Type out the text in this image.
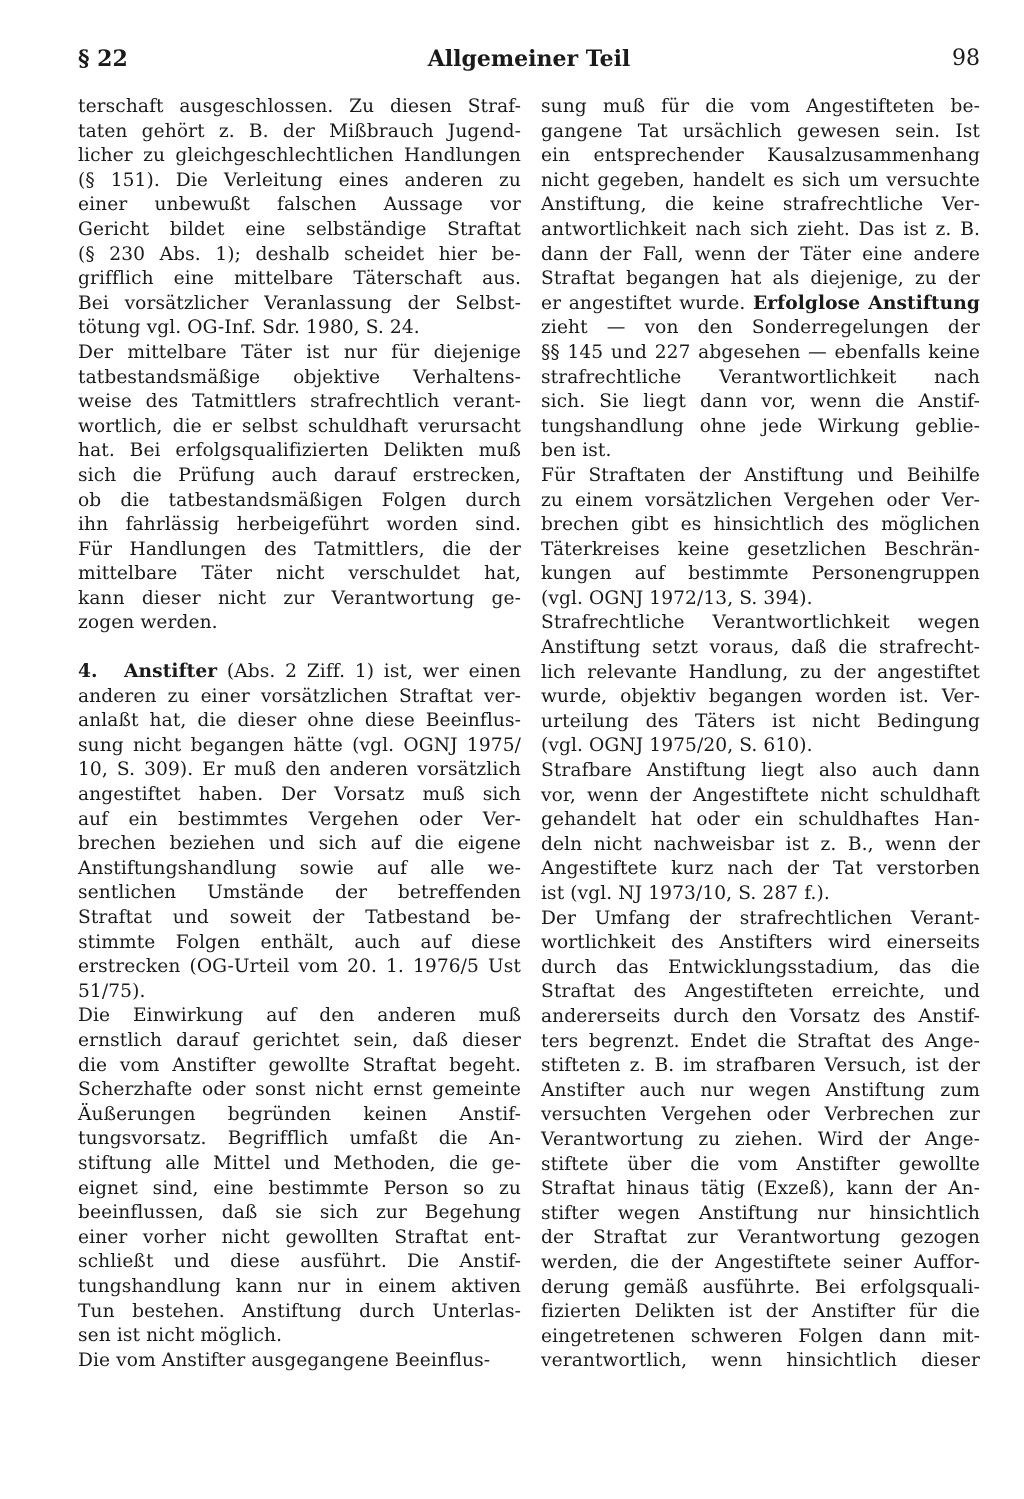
§ 22	Allgemeiner Teil	98
terschaft ausgeschlossen. Zu diesen Straf-
taten gehört z. B. der Mißbrauch Jugend-
licher zu gleichgeschlechtlichen Handlungen
(§ 151). Die Verleitung eines anderen zu
einer unbewußt falschen Aussage vor
Gericht bildet eine selbständige Straftat
(§ 230 Abs. 1); deshalb scheidet hier be-
grifflich eine mittelbare Täterschaft aus.
Bei vorsätzlicher Veranlassung der Selbst-
tötung vgl. OG-Inf. Sdr. 1980, S. 24.
Der mittelbare Täter ist nur für diejenige
tatbestandsmäßige objektive Verhaltens-
weise des Tatmittlers strafrechtlich verant-
wortlich, die er selbst schuldhaft verursacht
hat. Bei erfolgsqualifizierten Delikten muß
sich die Prüfung auch darauf erstrecken,
ob die tatbestandsmäßigen Folgen durch
ihn fahrlässig herbeigeführt worden sind.
Für Handlungen des Tatmittlers, die der
mittelbare Täter nicht verschuldet hat,
kann dieser nicht zur Verantwortung ge-
zogen werden.
4. Anstifter (Abs. 2 Ziff. 1) ist, wer einen
anderen zu einer vorsätzlichen Straftat ver-
anlaßt hat, die dieser ohne diese Beeinflus-
sung nicht begangen hätte (vgl. OGNJ 1975/
10, S. 309). Er muß den anderen vorsätzlich
angestiftet haben. Der Vorsatz muß sich
auf ein bestimmtes Vergehen oder Ver-
brechen beziehen und sich auf die eigene
Anstiftungshandlung sowie auf alle we-
sentlichen Umstände der betreffenden
Straftat und soweit der Tatbestand be-
stimmte Folgen enthält, auch auf diese
erstrecken (OG-Urteil vom 20. 1. 1976/5 Ust
51/75).
Die Einwirkung auf den anderen muß
ernstlich darauf gerichtet sein, daß dieser
die vom Anstifter gewollte Straftat begeht.
Scherzhafte oder sonst nicht ernst gemeinte
Äußerungen begründen keinen Anstif-
tungsvorsatz. Begrifflich umfaßt die An-
stiftung alle Mittel und Methoden, die ge-
eignet sind, eine bestimmte Person so zu
beeinflussen, daß sie sich zur Begehung
einer vorher nicht gewollten Straftat ent-
schließt und diese ausführt. Die Anstif-
tungshandlung kann nur in einem aktiven
Tun bestehen. Anstiftung durch Unterlas-
sen ist nicht möglich.
Die vom Anstifter ausgegangene Beeinflus-
sung muß für die vom Angestifteten be-
gangene Tat ursächlich gewesen sein. Ist
ein entsprechender Kausalzusammenhang
nicht gegeben, handelt es sich um versuchte
Anstiftung, die keine strafrechtliche Ver-
antwortlichkeit nach sich zieht. Das ist z. B.
dann der Fall, wenn der Täter eine andere
Straftat begangen hat als diejenige, zu der
er angestiftet wurde. Erfolglose Anstiftung
zieht — von den Sonderregelungen der
§§ 145 und 227 abgesehen — ebenfalls keine
strafrechtliche Verantwortlichkeit nach
sich. Sie liegt dann vor, wenn die Anstif-
tungshandlung ohne jede Wirkung geblie-
ben ist.
Für Straftaten der Anstiftung und Beihilfe
zu einem vorsätzlichen Vergehen oder Ver-
brechen gibt es hinsichtlich des möglichen
Täterkreises keine gesetzlichen Beschrän-
kungen auf bestimmte Personengruppen
(vgl. OGNJ 1972/13, S. 394).
Strafrechtliche Verantwortlichkeit wegen
Anstiftung setzt voraus, daß die strafrecht-
lich relevante Handlung, zu der angestiftet
wurde, objektiv begangen worden ist. Ver-
urteilung des Täters ist nicht Bedingung
(vgl. OGNJ 1975/20, S. 610).
Strafbare Anstiftung liegt also auch dann
vor, wenn der Angestiftete nicht schuldhaft
gehandelt hat oder ein schuldhaftes Han-
deln nicht nachweisbar ist z. B., wenn der
Angestiftete kurz nach der Tat verstorben
ist (vgl. NJ 1973/10, S. 287 f.).
Der Umfang der strafrechtlichen Verant-
wortlichkeit des Anstifters wird einerseits
durch das Entwicklungsstadium, das die
Straftat des Angestifteten erreichte, und
andererseits durch den Vorsatz des Anstif-
ters begrenzt. Endet die Straftat des Ange-
stifteten z. B. im strafbaren Versuch, ist der
Anstifter auch nur wegen Anstiftung zum
versuchten Vergehen oder Verbrechen zur
Verantwortung zu ziehen. Wird der Ange-
stiftete über die vom Anstifter gewollte
Straftat hinaus tätig (Exzeß), kann der An-
stifter wegen Anstiftung nur hinsichtlich
der Straftat zur Verantwortung gezogen
werden, die der Angestiftete seiner Auffor-
derung gemäß ausführte. Bei erfolgsquali-
fizierten Delikten ist der Anstifter für die
eingetretenen schweren Folgen dann mit-
verantwortlich, wenn hinsichtlich dieser
